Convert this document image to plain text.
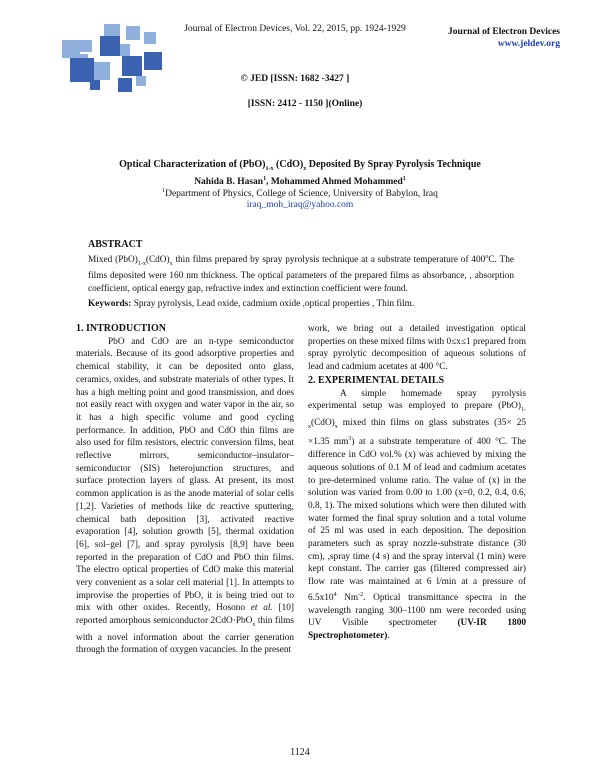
Journal of Electron Devices, Vol. 22, 2015, pp. 1924-1929	Journal of Electron Devices
www.jeldev.org
© JED [ISSN: 1682 -3427 ]
[ISSN: 2412 - 1150 ](Online)
Optical Characterization of $(PbO)_{1-x}$ $(CdO)_x$ Deposited By Spray Pyrolysis Technique
Nahida B. Hasan$^1$, Mohammed Ahmed Mohammed$^1$
$^1$Department of Physics, College of Science, University of Babylon, Iraq
iraq_moh_iraq@yahoo.com
ABSTRACT
Mixed $(PbO)_{1-x}(CdO)_x$ thin films prepared by spray pyrolysis technique at a substrate temperature of 400$^o$C. The films deposited were 160 nm thickness. The optical parameters of the prepared films as absorbance, , absorption coefficient, optical energy gap, refractive index and extinction coefficient were found.
Keywords: Spray pyrolysis, Lead oxide, cadmium oxide ,optical properties , Thin film.
1. INTRODUCTION

PbO and CdO are an n-type semiconductor materials. Because of its good adsorptive properties and chemical stability, it can be deposited onto glass, ceramics, oxides, and substrate materials of other types. It has a high melting point and good transmission, and does not easily react with oxygen and water vapor in the air, so it has a high specific volume and good cycling performance. In addition, PbO and CdO thin films are also used for film resistors, electric conversion films, heat reflective mirrors, semiconductor–insulator–semiconductor (SIS) heterojunction structures, and surface protection layers of glass. At present, its most common application is as the anode material of solar cells [1,2]. Varieties of methods like dc reactive sputtering, chemical bath deposition [3], activated reactive evaporation [4], solution growth [5], thermal oxidation [6], sol–gel [7], and spray pyrolysis [8,9] have been reported in the preparation of CdO and PbO thin films. The electro optical properties of CdO make this material very convenient as a solar cell material [1]. In attempts to improvise the properties of PbO, it is being tried out to mix with other oxides. Recently, Hosono et al. [10] reported amorphous semiconductor 2CdO·PbO$_x$ thin films with a novel information about the carrier generation through the formation of oxygen vacancies. In the present

work, we bring out a detailed investigation optical properties on these mixed films with 0≤x≤1 prepared from spray pyrolytic decomposition of aqueous solutions of lead and cadmium acetates at 400 °C.

2. EXPERIMENTAL DETAILS

A simple homemade spray pyrolysis experimental setup was employed to prepare $(PbO)_{1-x}(CdO)_x$ mixed thin films on glass substrates (35× 25 ×1.35 $mm^3$) at a substrate temperature of 400 °C. The difference in CdO vol.% (x) was achieved by mixing the aqueous solutions of 0.1 M of lead and cadmium acetates to pre-determined volume ratio. The value of (x) in the solution was varied from 0.00 to 1.00 (x=0, 0.2, 0.4, 0.6, 0.8, 1). The mixed solutions which were then diluted with water formed the final spray solution and a total volume of 25 ml was used in each deposition. The deposition parameters such as spray nozzle-substrate distance (30 cm), ,spray time (4 s) and the spray interval (1 min) were kept constant. The carrier gas (filtered compressed air) flow rate was maintained at 6 l/min at a pressure of $6.5x10^4$ $Nm^{-2}$. Optical transmittance spectra in the wavelength ranging 300–1100 nm were recorded using UV Visible spectrometer (UV-IR 1800 Spectrophotometer).

1124
